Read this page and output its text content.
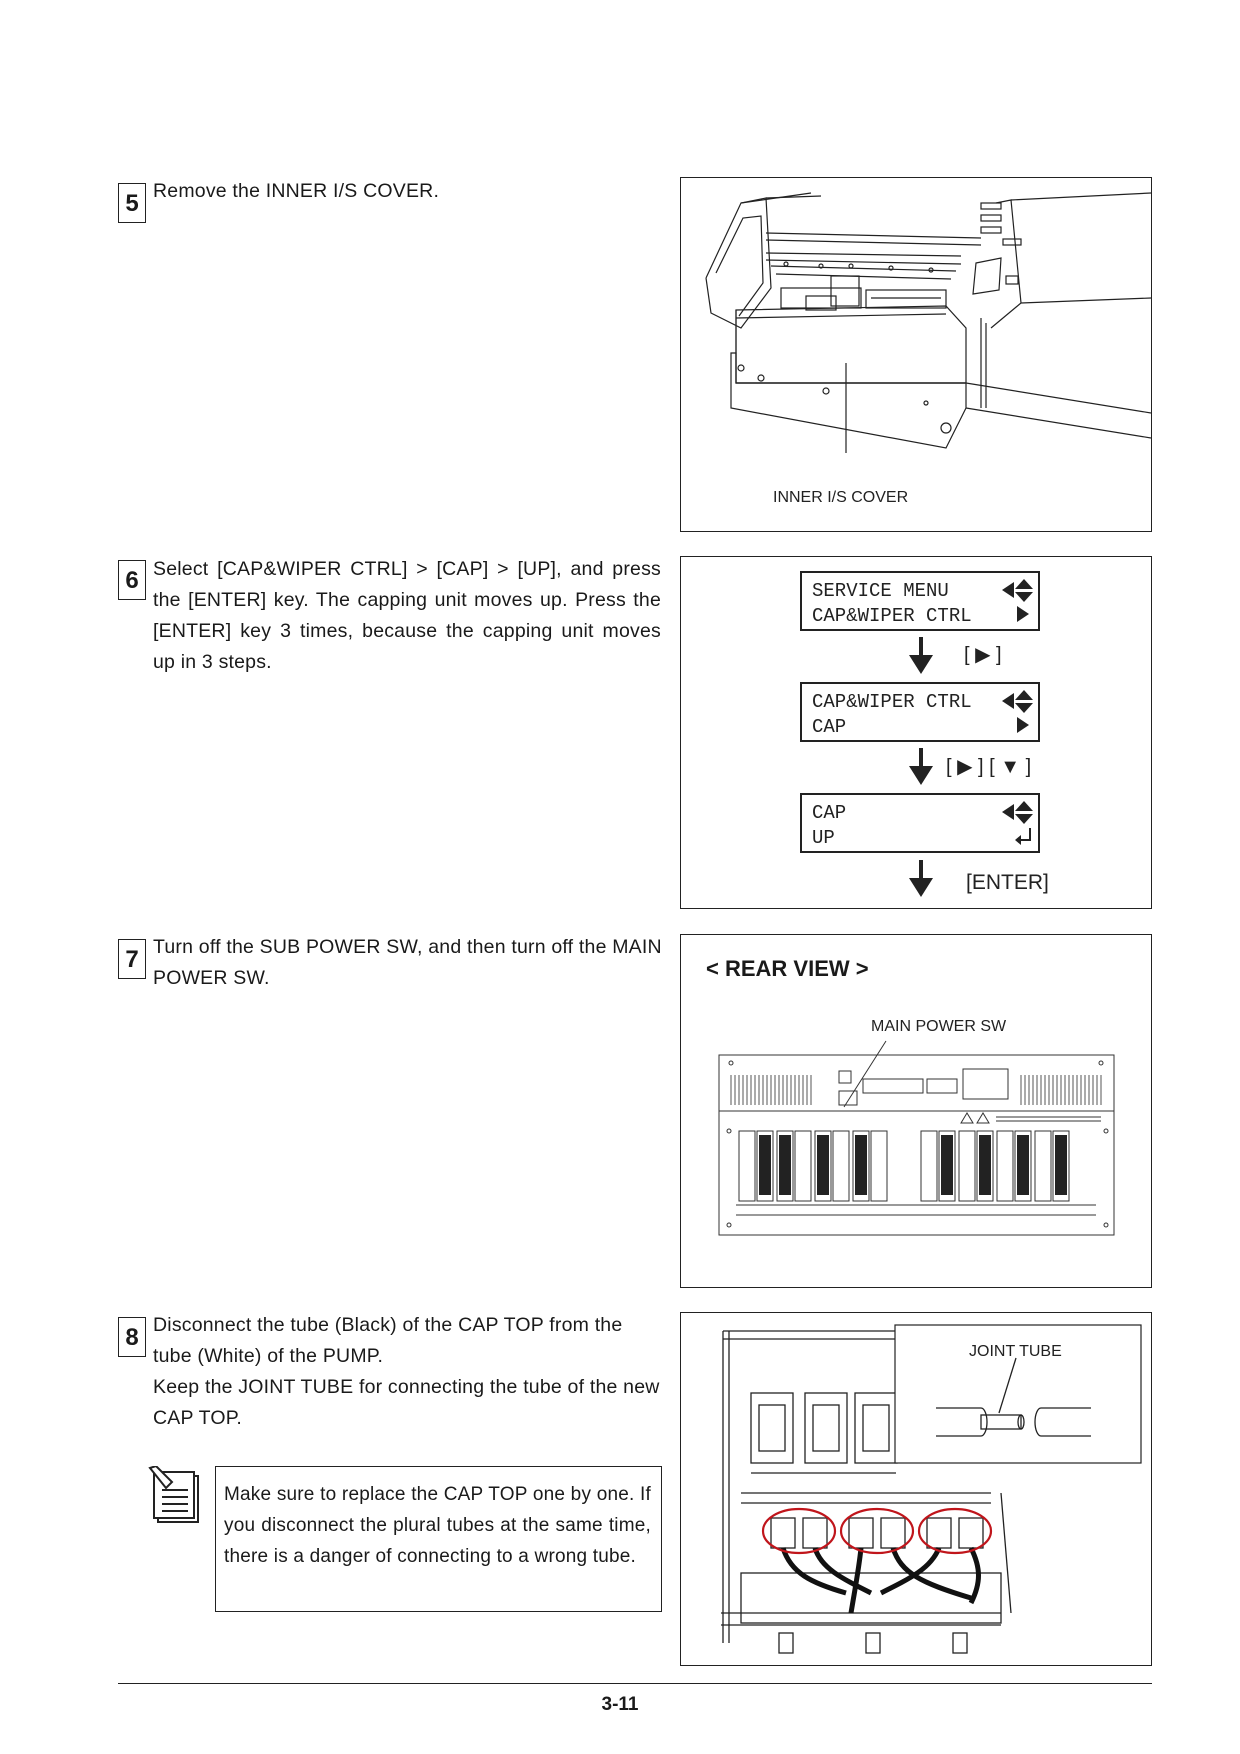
5 Remove the INNER I/S COVER.

INNER I/S COVER
6 Select [CAP&WIPER CTRL] > [CAP] > [UP], and press the [ENTER] key. The capping unit moves up. Press the [ENTER] key 3 times, because the capping unit moves up in 3 steps.

SERVICE MENU
CAP&WIPER CTRL
[ ▶ ]
CAP&WIPER CTRL
CAP
[ ▶ ] [ ▼ ]
CAP
UP
[ENTER]
7 Turn off the SUB POWER SW, and then turn off the MAIN POWER SW.	< REAR VIEW >
MAIN POWER SW
8 Disconnect the tube (Black) of the CAP TOP from the tube (White) of the PUMP.

Keep the JOINT TUBE for connecting the tube of the new CAP TOP.

Make sure to replace the CAP TOP one by one. If you disconnect the plural tubes at the same time, there is a danger of connecting to a wrong tube.
JOINT TUBE
3-11
